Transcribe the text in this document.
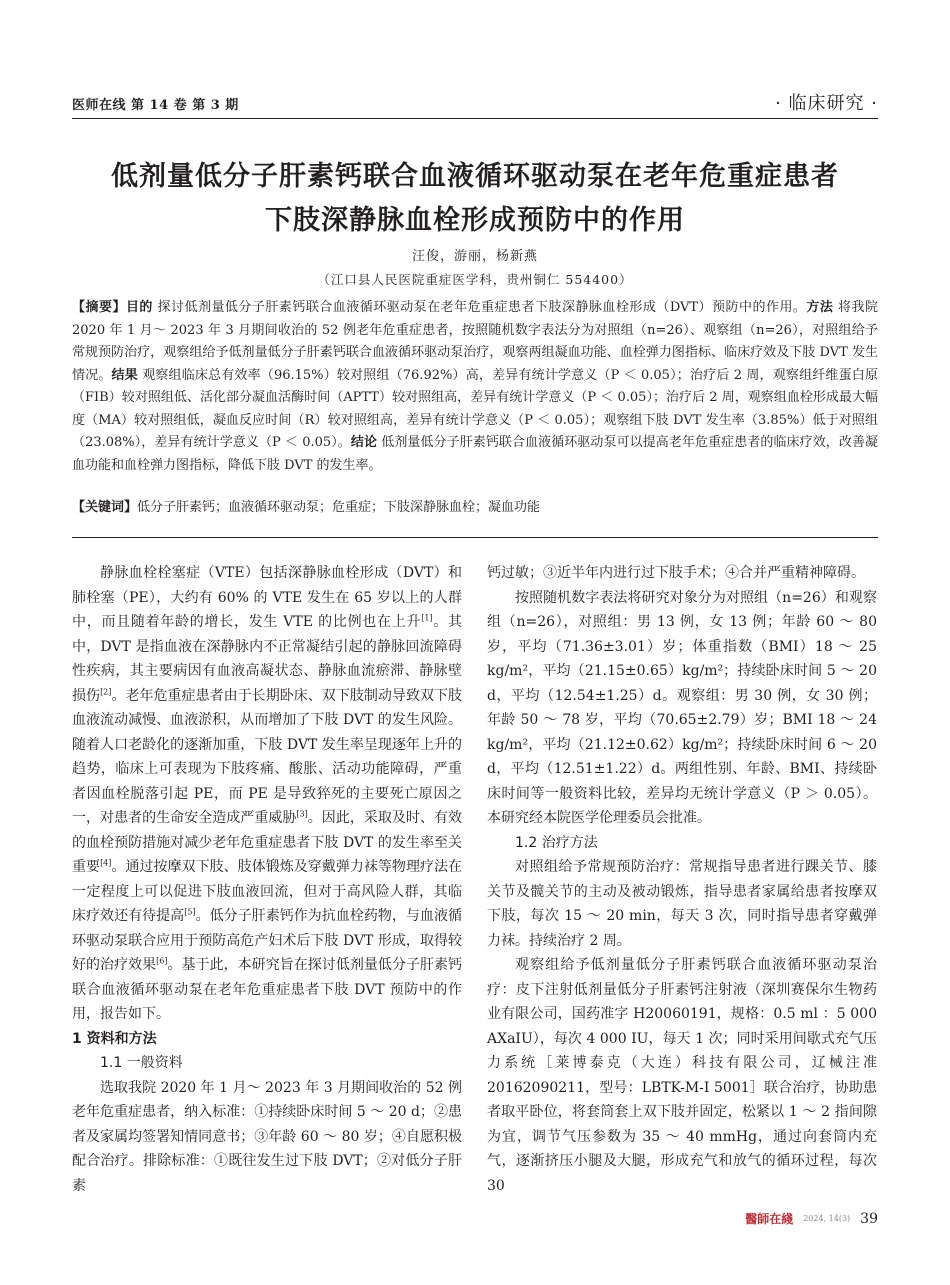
医师在线 第 14 卷 第 3 期	· 临床研究 ·
低剂量低分子肝素钙联合血液循环驱动泵在老年危重症患者
下肢深静脉血栓形成预防中的作用
汪俊，游丽，杨新燕
（江口县人民医院重症医学科，贵州铜仁 554400）
【摘要】目的 探讨低剂量低分子肝素钙联合血液循环驱动泵在老年危重症患者下肢深静脉血栓形成（DVT）预防中的作用。方法 将我院 2020 年 1 月～ 2023 年 3 月期间收治的 52 例老年危重症患者，按照随机数字表法分为对照组（n=26）、观察组（n=26），对照组给予常规预防治疗，观察组给予低剂量低分子肝素钙联合血液循环驱动泵治疗，观察两组凝血功能、血栓弹力图指标、临床疗效及下肢 DVT 发生情况。结果 观察组临床总有效率（96.15%）较对照组（76.92%）高，差异有统计学意义（P ＜ 0.05）；治疗后 2 周，观察组纤维蛋白原（FIB）较对照组低、活化部分凝血活酶时间（APTT）较对照组高，差异有统计学意义（P ＜ 0.05）；治疗后 2 周，观察组血栓形成最大幅度（MA）较对照组低，凝血反应时间（R）较对照组高，差异有统计学意义（P ＜ 0.05）；观察组下肢 DVT 发生率（3.85%）低于对照组（23.08%），差异有统计学意义（P ＜ 0.05）。结论 低剂量低分子肝素钙联合血液循环驱动泵可以提高老年危重症患者的临床疗效，改善凝血功能和血栓弹力图指标，降低下肢 DVT 的发生率。
【关键词】低分子肝素钙；血液循环驱动泵；危重症；下肢深静脉血栓；凝血功能

静脉血栓栓塞症（VTE）包括深静脉血栓形成（DVT）和肺栓塞（PE），大约有 60% 的 VTE 发生在 65 岁以上的人群中，而且随着年龄的增长，发生 VTE 的比例也在上升[1]。其中，DVT 是指血液在深静脉内不正常凝结引起的静脉回流障碍性疾病，其主要病因有血液高凝状态、静脉血流瘀滞、静脉壁损伤[2]。老年危重症患者由于长期卧床、双下肢制动导致双下肢血液流动减慢、血液淤积，从而增加了下肢 DVT 的发生风险。随着人口老龄化的逐渐加重，下肢 DVT 发生率呈现逐年上升的趋势，临床上可表现为下肢疼痛、酸胀、活动功能障碍，严重者因血栓脱落引起 PE，而 PE 是导致猝死的主要死亡原因之一，对患者的生命安全造成严重威胁[3]。因此，采取及时、有效的血栓预防措施对减少老年危重症患者下肢 DVT 的发生率至关重要[4]。通过按摩双下肢、肢体锻炼及穿戴弹力袜等物理疗法在一定程度上可以促进下肢血液回流，但对于高风险人群，其临床疗效还有待提高[5]。低分子肝素钙作为抗血栓药物，与血液循环驱动泵联合应用于预防高危产妇术后下肢 DVT 形成，取得较好的治疗效果[6]。基于此，本研究旨在探讨低剂量低分子肝素钙联合血液循环驱动泵在老年危重症患者下肢 DVT 预防中的作用，报告如下。

1 资料和方法

1.1 一般资料

选取我院 2020 年 1 月～ 2023 年 3 月期间收治的 52 例老年危重症患者，纳入标准：①持续卧床时间 5 ～ 20 d；②患者及家属均签署知情同意书；③年龄 60 ～ 80 岁；④自愿积极配合治疗。排除标准：①既往发生过下肢 DVT；②对低分子肝素

钙过敏；③近半年内进行过下肢手术；④合并严重精神障碍。

按照随机数字表法将研究对象分为对照组（n=26）和观察组（n=26），对照组：男 13 例，女 13 例；年龄 60 ～ 80 岁，平均（71.36±3.01）岁；体重指数（BMI）18 ～ 25 kg/m²，平均（21.15±0.65）kg/m²；持续卧床时间 5 ～ 20 d，平均（12.54±1.25）d。观察组：男 30 例，女 30 例；年龄 50 ～ 78 岁，平均（70.65±2.79）岁；BMI 18 ～ 24 kg/m²，平均（21.12±0.62）kg/m²；持续卧床时间 6 ～ 20 d，平均（12.51±1.22）d。两组性别、年龄、BMI、持续卧床时间等一般资料比较，差异均无统计学意义（P ＞ 0.05）。本研究经本院医学伦理委员会批准。

1.2 治疗方法

对照组给予常规预防治疗：常规指导患者进行踝关节、膝关节及髋关节的主动及被动锻炼，指导患者家属给患者按摩双下肢，每次 15 ～ 20 min，每天 3 次，同时指导患者穿戴弹力袜。持续治疗 2 周。

观察组给予低剂量低分子肝素钙联合血液循环驱动泵治疗：皮下注射低剂量低分子肝素钙注射液（深圳赛保尔生物药业有限公司，国药准字 H20060191，规格：0.5 ml ：5 000 AXaIU），每次 4 000 IU，每天 1 次；同时采用间歇式充气压力系统［莱博泰克（大连）科技有限公司，辽械注准 20162090211，型号：LBTK-M-I 5001］联合治疗，协助患者取平卧位，将套筒套上双下肢并固定，松紧以 1 ～ 2 指间隙为宜，调节气压参数为 35 ～ 40 mmHg，通过向套筒内充气，逐渐挤压小腿及大腿，形成充气和放气的循环过程，每次 30

醫師在綫 2024, 14(3) 39
